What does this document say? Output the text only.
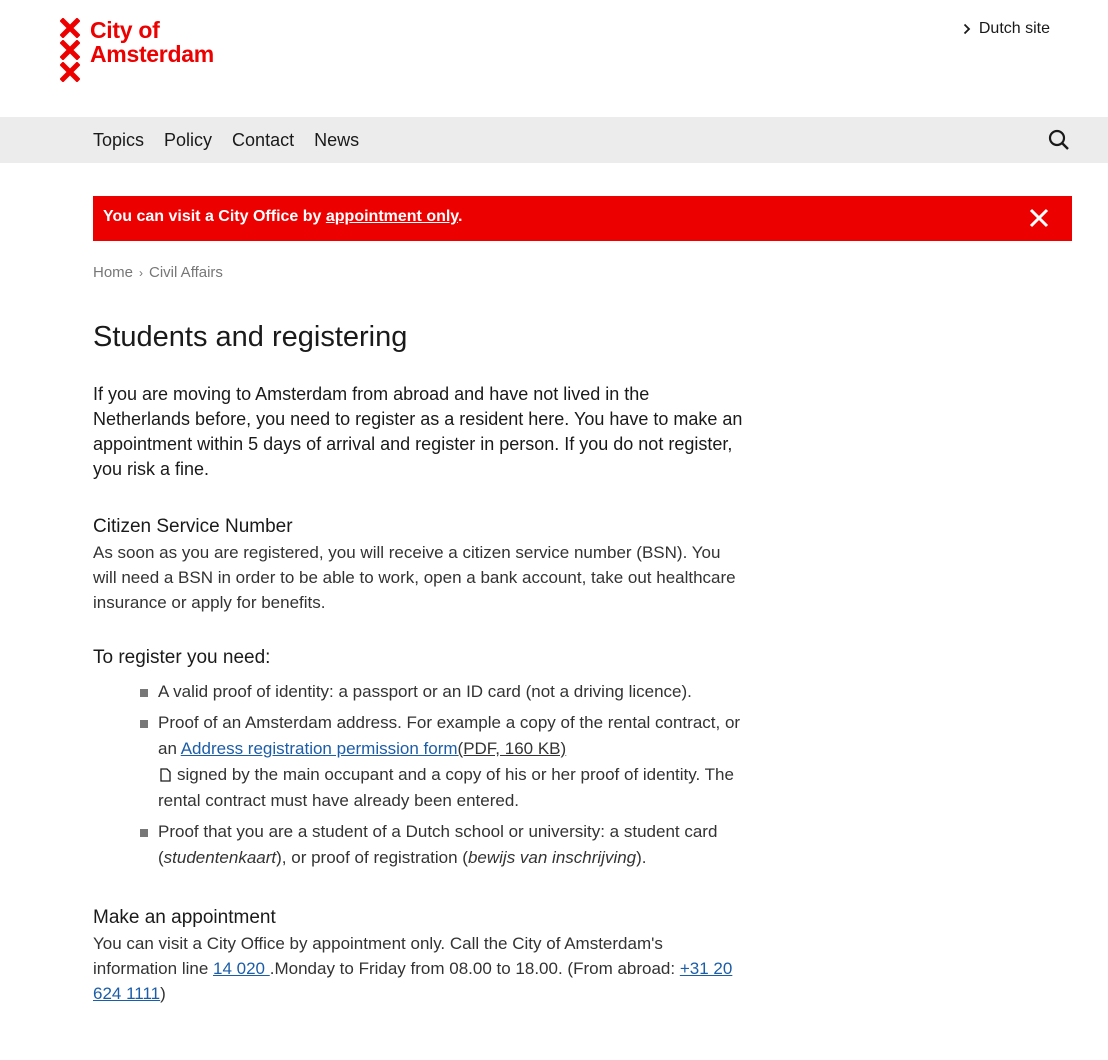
City of
Amsterdam
Dutch site
Topics Policy Contact News
You can visit a City Office by appointment only.
Home › Civil Affairs
Students and registering

If you are moving to Amsterdam from abroad and have not lived in the Netherlands before, you need to register as a resident here. You have to make an appointment within 5 days of arrival and register in person. If you do not register, you risk a fine.

Citizen Service Number

As soon as you are registered, you will receive a citizen service number (BSN). You will need a BSN in order to be able to work, open a bank account, take out healthcare insurance or apply for benefits.

To register you need:
A valid proof of identity: a passport or an ID card (not a driving licence).
Proof of an Amsterdam address. For example a copy of the rental contract, or an Address registration permission form(PDF, 160 KB)
signed by the main occupant and a copy of his or her proof of identity. The rental contract must have already been entered.
Proof that you are a student of a Dutch school or university: a student card (studentenkaart), or proof of registration (bewijs van inschrijving).
Make an appointment

You can visit a City Office by appointment only. Call the City of Amsterdam's information line 14 020 .Monday to Friday from 08.00 to 18.00. (From abroad: +31 20 624 1111)
